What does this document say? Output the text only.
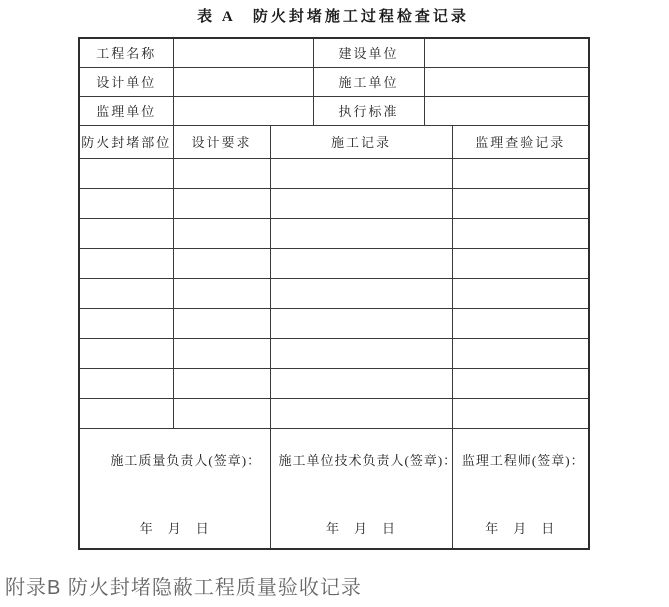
表 A　防火封堵施工过程检查记录
工程名称			建设单位		
设计单位			施工单位		
监理单位			执行标准		
防火封堵部位	设计要求	施工记录			监理查验记录

施工质量负责人(签章)：
年　月　日

施工单位技术负责人(签章)：
年　月　日

监理工程师(签章)：
年　月　日
附录B 防火封堵隐蔽工程质量验收记录
